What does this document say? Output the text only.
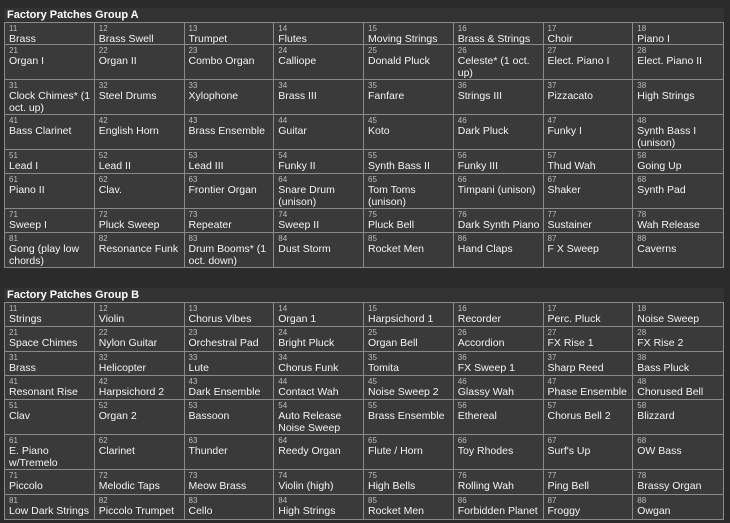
Factory Patches Group A
11
Brass
12
Brass Swell
13
Trumpet
14
Flutes
15
Moving Strings
16
Brass & Strings
17
Choir
18
Piano I
21
Organ I
22
Organ II
23
Combo Organ
24
Calliope
25
Donald Pluck
26
Celeste* (1 oct. up)
27
Elect. Piano I
28
Elect. Piano II
31
Clock Chimes* (1 oct. up)
32
Steel Drums
33
Xylophone
34
Brass III
35
Fanfare
36
Strings III
37
Pizzacato
38
High Strings
41
Bass Clarinet
42
English Horn
43
Brass Ensemble
44
Guitar
45
Koto
46
Dark Pluck
47
Funky I
48
Synth Bass I (unison)
51
Lead I
52
Lead II
53
Lead III
54
Funky II
55
Synth Bass II
56
Funky III
57
Thud Wah
58
Going Up
61
Piano II
62
Clav.
63
Frontier Organ
64
Snare Drum (unison)
65
Tom Toms (unison)
66
Timpani (unison)
67
Shaker
68
Synth Pad
71
Sweep I
72
Pluck Sweep
73
Repeater
74
Sweep II
75
Pluck Bell
76
Dark Synth Piano
77
Sustainer
78
Wah Release
81
Gong (play low chords)
82
Resonance Funk
83
Drum Booms* (1 oct. down)
84
Dust Storm
85
Rocket Men
86
Hand Claps
87
F X Sweep
88
Caverns
Factory Patches Group B
11
Strings
12
Violin
13
Chorus Vibes
14
Organ 1
15
Harpsichord 1
16
Recorder
17
Perc. Pluck
18
Noise Sweep
21
Space Chimes
22
Nylon Guitar
23
Orchestral Pad
24
Bright Pluck
25
Organ Bell
26
Accordion
27
FX Rise 1
28
FX Rise 2
31
Brass
32
Helicopter
33
Lute
34
Chorus Funk
35
Tomita
36
FX Sweep 1
37
Sharp Reed
38
Bass Pluck
41
Resonant Rise
42
Harpsichord 2
43
Dark Ensemble
44
Contact Wah
45
Noise Sweep 2
46
Glassy Wah
47
Phase Ensemble
48
Chorused Bell
51
Clav
52
Organ 2
53
Bassoon
54
Auto Release Noise Sweep
55
Brass Ensemble
56
Ethereal
57
Chorus Bell 2
58
Blizzard
61
E. Piano w/Tremelo
62
Clarinet
63
Thunder
64
Reedy Organ
65
Flute / Horn
66
Toy Rhodes
67
Surf's Up
68
OW Bass
71
Piccolo
72
Melodic Taps
73
Meow Brass
74
Violin (high)
75
High Bells
76
Rolling Wah
77
Ping Bell
78
Brassy Organ
81
Low Dark Strings
82
Piccolo Trumpet
83
Cello
84
High Strings
85
Rocket Men
86
Forbidden Planet
87
Froggy
88
Owgan
